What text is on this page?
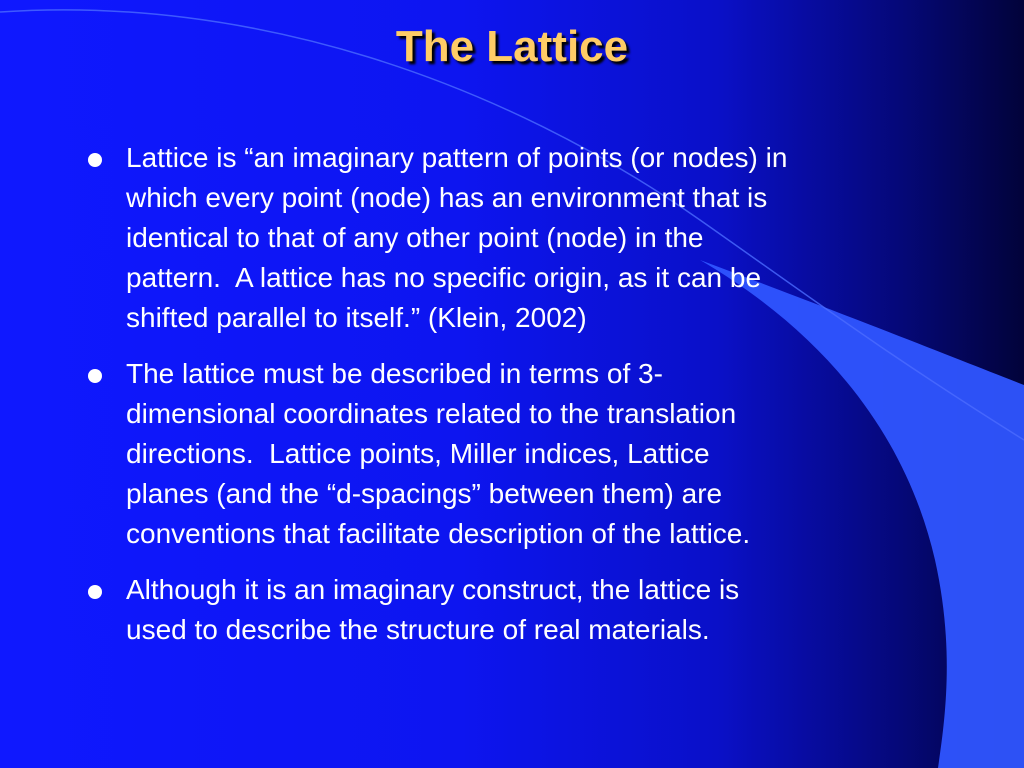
The Lattice
Lattice is “an imaginary pattern of points (or nodes) in
which every point (node) has an environment that is
identical to that of any other point (node) in the
pattern.  A lattice has no specific origin, as it can be
shifted parallel to itself.” (Klein, 2002)
The lattice must be described in terms of 3-
dimensional coordinates related to the translation
directions.  Lattice points, Miller indices, Lattice
planes (and the “d-spacings” between them) are
conventions that facilitate description of the lattice.
Although it is an imaginary construct, the lattice is
used to describe the structure of real materials.
